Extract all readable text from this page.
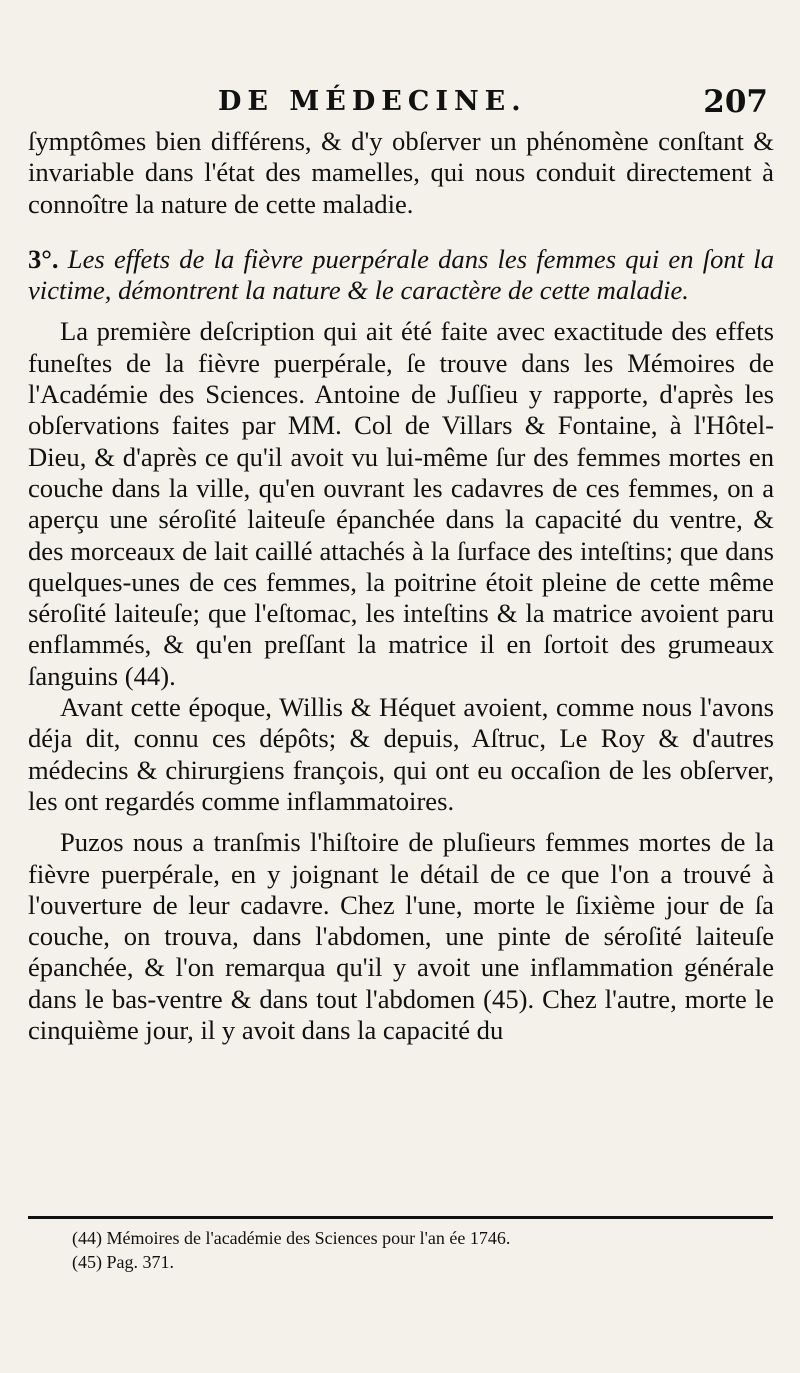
DE MÉDECINE.	207

ſymptômes bien différens, & d'y obſerver un phénomène conſtant & invariable dans l'état des mamelles, qui nous conduit directement à connoître la nature de cette maladie.

3°. Les effets de la fièvre puerpérale dans les femmes qui en ſont la victime, démontrent la nature & le caractère de cette maladie.

La première deſcription qui ait été faite avec exactitude des effets funeſtes de la fièvre puerpérale, ſe trouve dans les Mémoires de l'Académie des Sciences. Antoine de Juſſieu y rapporte, d'après les obſervations faites par MM. Col de Villars & Fontaine, à l'Hôtel-Dieu, & d'après ce qu'il avoit vu lui-même ſur des femmes mortes en couche dans la ville, qu'en ouvrant les cadavres de ces femmes, on a aperçu une séroſité laiteuſe épanchée dans la capacité du ventre, & des morceaux de lait caillé attachés à la ſurface des inteſtins; que dans quelques-unes de ces femmes, la poitrine étoit pleine de cette même séroſité laiteuſe; que l'eſtomac, les inteſtins & la matrice avoient paru enflammés, & qu'en preſſant la matrice il en ſortoit des grumeaux ſanguins (44).

Avant cette époque, Willis & Héquet avoient, comme nous l'avons déja dit, connu ces dépôts; & depuis, Aſtruc, Le Roy & d'autres médecins & chirurgiens françois, qui ont eu occaſion de les obſerver, les ont regardés comme inflammatoires.

Puzos nous a tranſmis l'hiſtoire de pluſieurs femmes mortes de la fièvre puerpérale, en y joignant le détail de ce que l'on a trouvé à l'ouverture de leur cadavre. Chez l'une, morte le ſixième jour de ſa couche, on trouva, dans l'abdomen, une pinte de séroſité laiteuſe épanchée, & l'on remarqua qu'il y avoit une inflammation générale dans le bas-ventre & dans tout l'abdomen (45). Chez l'autre, morte le cinquième jour, il y avoit dans la capacité du

(44) Mémoires de l'académie des Sciences pour l'an ée 1746.

(45) Pag. 371.
